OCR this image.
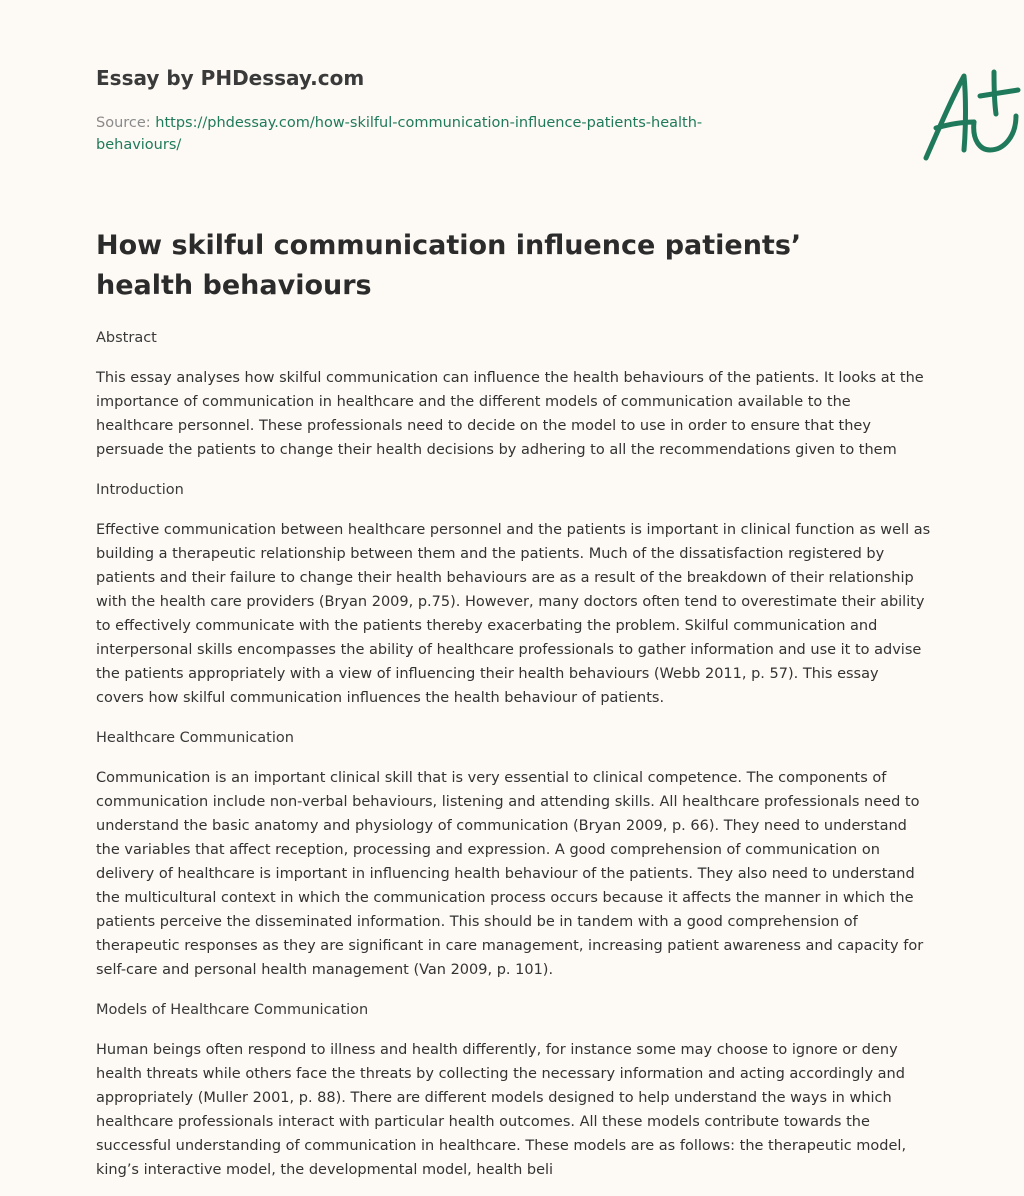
Essay by PHDessay.com
Source: https://phdessay.com/how-skilful-communication-influence-patients-health-behaviours/
How skilful communication influence patients’ health behaviours
Abstract

This essay analyses how skilful communication can influence the health behaviours of the patients. It looks at the importance of communication in healthcare and the different models of communication available to the healthcare personnel. These professionals need to decide on the model to use in order to ensure that they persuade the patients to change their health decisions by adhering to all the recommendations given to them

Introduction

Effective communication between healthcare personnel and the patients is important in clinical function as well as building a therapeutic relationship between them and the patients. Much of the dissatisfaction registered by patients and their failure to change their health behaviours are as a result of the breakdown of their relationship with the health care providers (Bryan 2009, p.75). However, many doctors often tend to overestimate their ability to effectively communicate with the patients thereby exacerbating the problem. Skilful communication and interpersonal skills encompasses the ability of healthcare professionals to gather information and use it to advise the patients appropriately with a view of influencing their health behaviours (Webb 2011, p. 57). This essay covers how skilful communication influences the health behaviour of patients.

Healthcare Communication

Communication is an important clinical skill that is very essential to clinical competence. The components of communication include non-verbal behaviours, listening and attending skills. All healthcare professionals need to understand the basic anatomy and physiology of communication (Bryan 2009, p. 66). They need to understand the variables that affect reception, processing and expression. A good comprehension of communication on delivery of healthcare is important in influencing health behaviour of the patients. They also need to understand the multicultural context in which the communication process occurs because it affects the manner in which the patients perceive the disseminated information. This should be in tandem with a good comprehension of therapeutic responses as they are significant in care management, increasing patient awareness and capacity for self-care and personal health management (Van 2009, p. 101).

Models of Healthcare Communication

Human beings often respond to illness and health differently, for instance some may choose to ignore or deny health threats while others face the threats by collecting the necessary information and acting accordingly and appropriately (Muller 2001, p. 88). There are different models designed to help understand the ways in which healthcare professionals interact with particular health outcomes. All these models contribute towards the successful understanding of communication in healthcare. These models are as follows: the therapeutic model, king’s interactive model, the developmental model, health beli
